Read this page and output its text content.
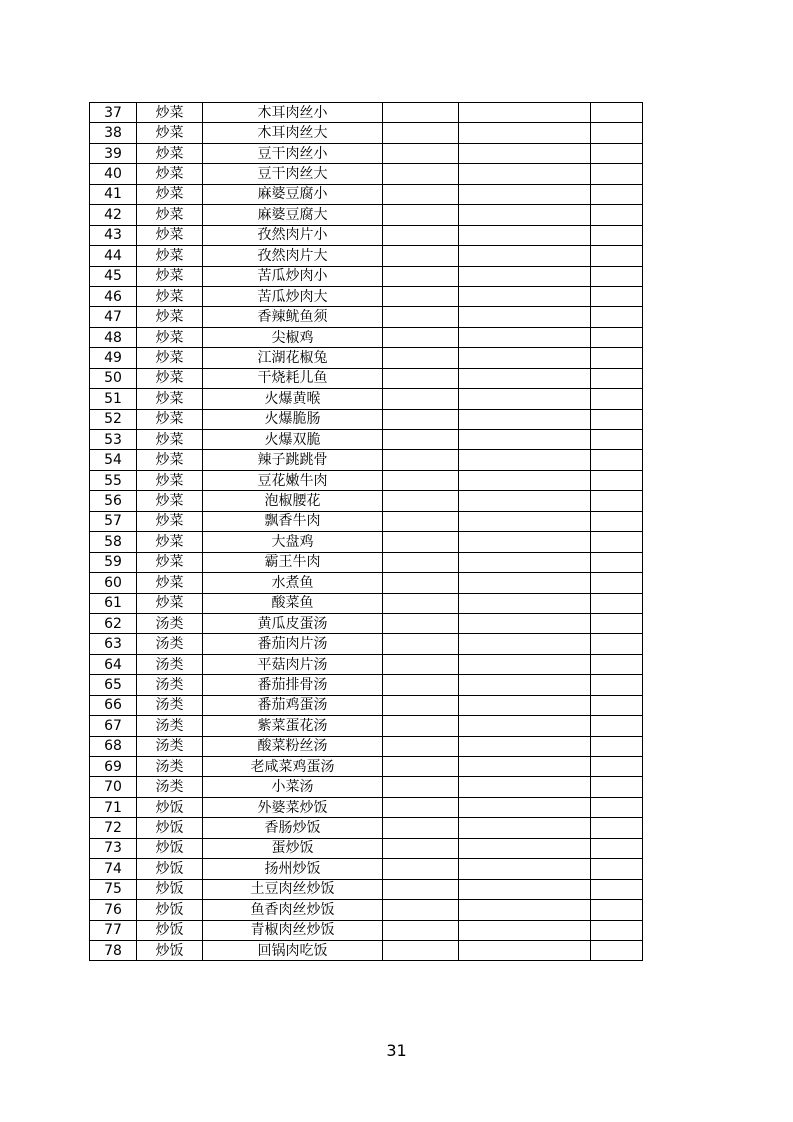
37	炒菜	木耳肉丝小			
38	炒菜	木耳肉丝大			
39	炒菜	豆干肉丝小			
40	炒菜	豆干肉丝大			
41	炒菜	麻婆豆腐小			
42	炒菜	麻婆豆腐大			
43	炒菜	孜然肉片小			
44	炒菜	孜然肉片大			
45	炒菜	苦瓜炒肉小			
46	炒菜	苦瓜炒肉大			
47	炒菜	香辣鱿鱼须			
48	炒菜	尖椒鸡			
49	炒菜	江湖花椒兔			
50	炒菜	干烧耗儿鱼			
51	炒菜	火爆黄喉			
52	炒菜	火爆脆肠			
53	炒菜	火爆双脆			
54	炒菜	辣子跳跳骨			
55	炒菜	豆花嫩牛肉			
56	炒菜	泡椒腰花			
57	炒菜	飘香牛肉			
58	炒菜	大盘鸡			
59	炒菜	霸王牛肉			
60	炒菜	水煮鱼			
61	炒菜	酸菜鱼			
62	汤类	黄瓜皮蛋汤			
63	汤类	番茄肉片汤			
64	汤类	平菇肉片汤			
65	汤类	番茄排骨汤			
66	汤类	番茄鸡蛋汤			
67	汤类	紫菜蛋花汤			
68	汤类	酸菜粉丝汤			
69	汤类	老咸菜鸡蛋汤			
70	汤类	小菜汤			
71	炒饭	外婆菜炒饭			
72	炒饭	香肠炒饭			
73	炒饭	蛋炒饭			
74	炒饭	扬州炒饭			
75	炒饭	土豆肉丝炒饭			
76	炒饭	鱼香肉丝炒饭			
77	炒饭	青椒肉丝炒饭			
78	炒饭	回锅肉吃饭			
31
